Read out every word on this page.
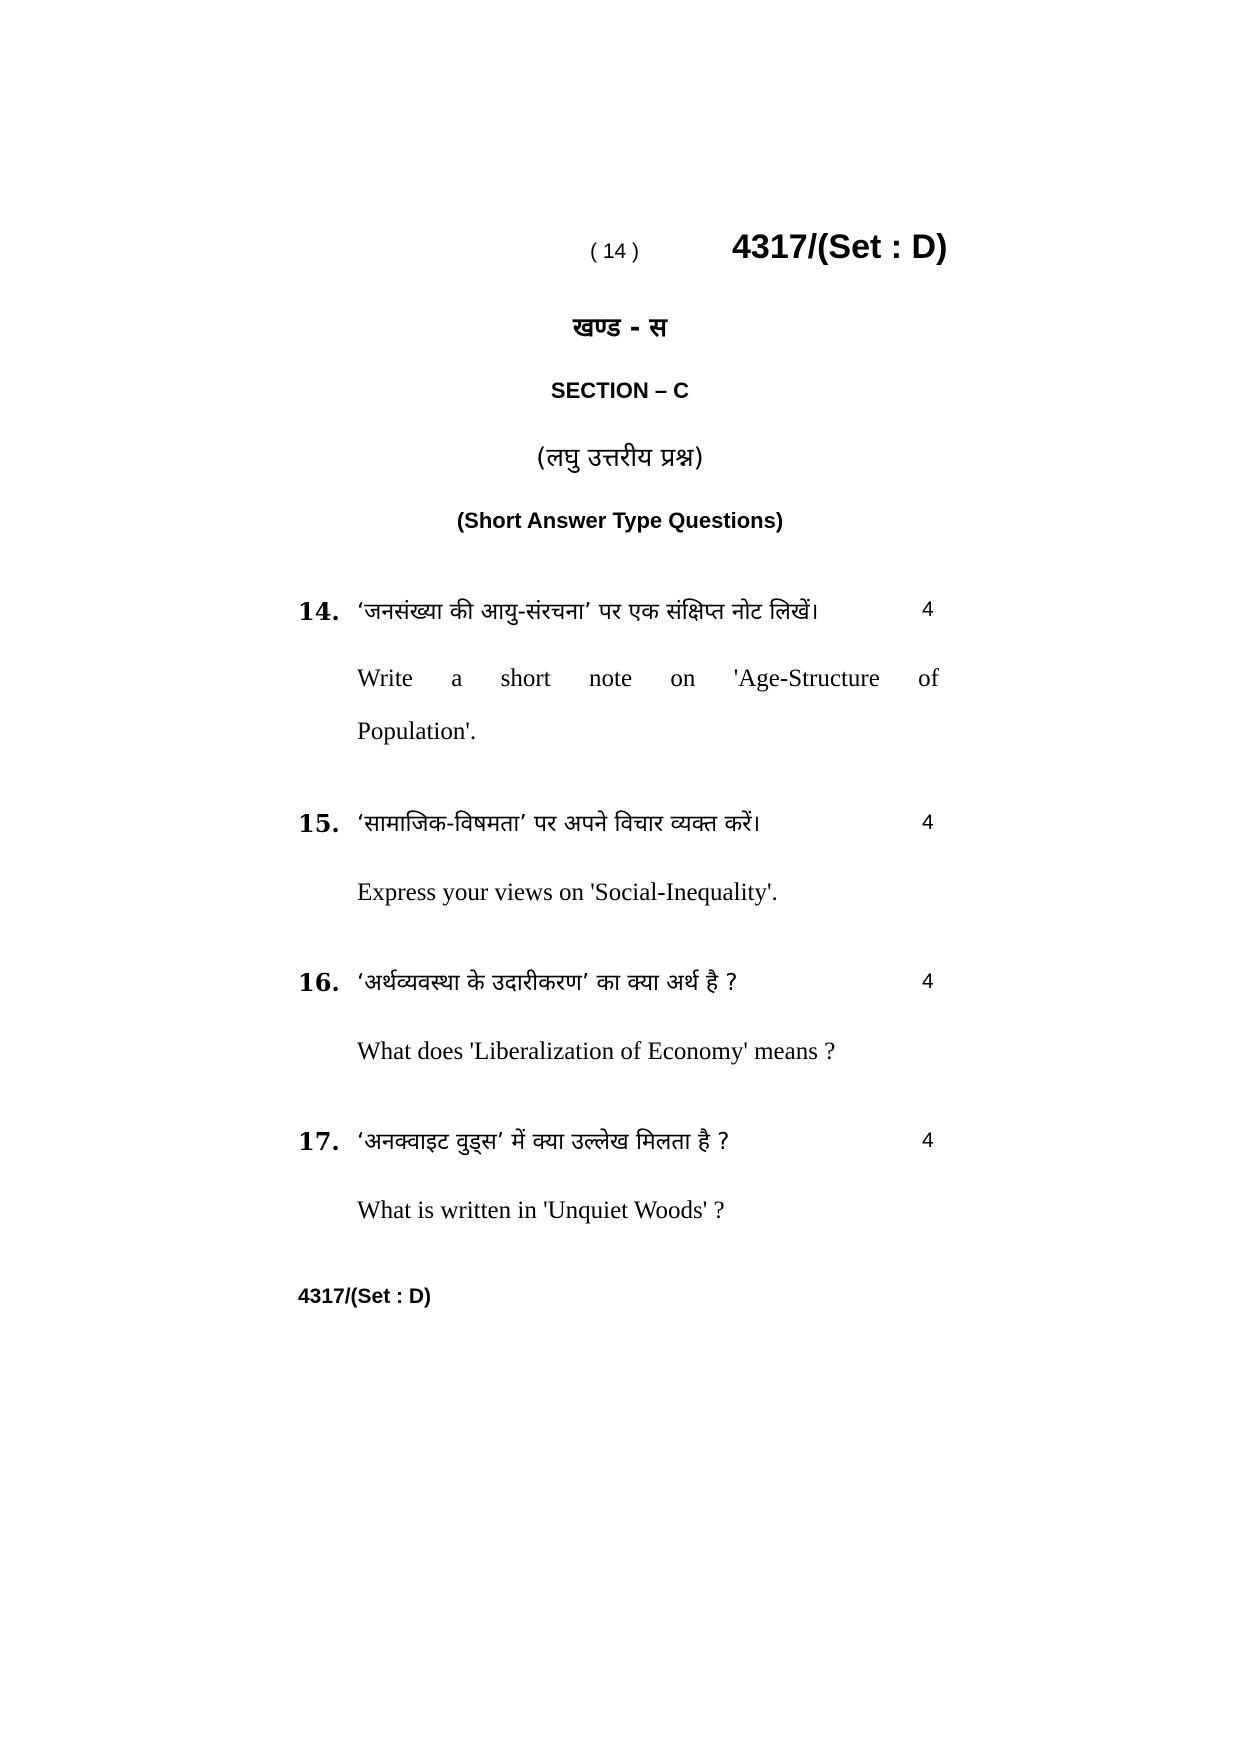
( 14 )	4317/(Set : D)
खण्ड - स
SECTION – C
(लघु उत्तरीय प्रश्न)
(Short Answer Type Questions)
14. ‘जनसंख्या की आयु-संरचना’ पर एक संक्षिप्त नोट लिखें।	4
Write a short note on 'Age-Structure of
Population'.
15. ‘सामाजिक-विषमता’ पर अपने विचार व्यक्त करें।	4
Express your views on 'Social-Inequality'.
16. ‘अर्थव्यवस्था के उदारीकरण’ का क्या अर्थ है ?	4
What does 'Liberalization of Economy' means ?
17. ‘अनक्वाइट वुड्स’ में क्या उल्लेख मिलता है ?	4
What is written in 'Unquiet Woods' ?
4317/(Set : D)
